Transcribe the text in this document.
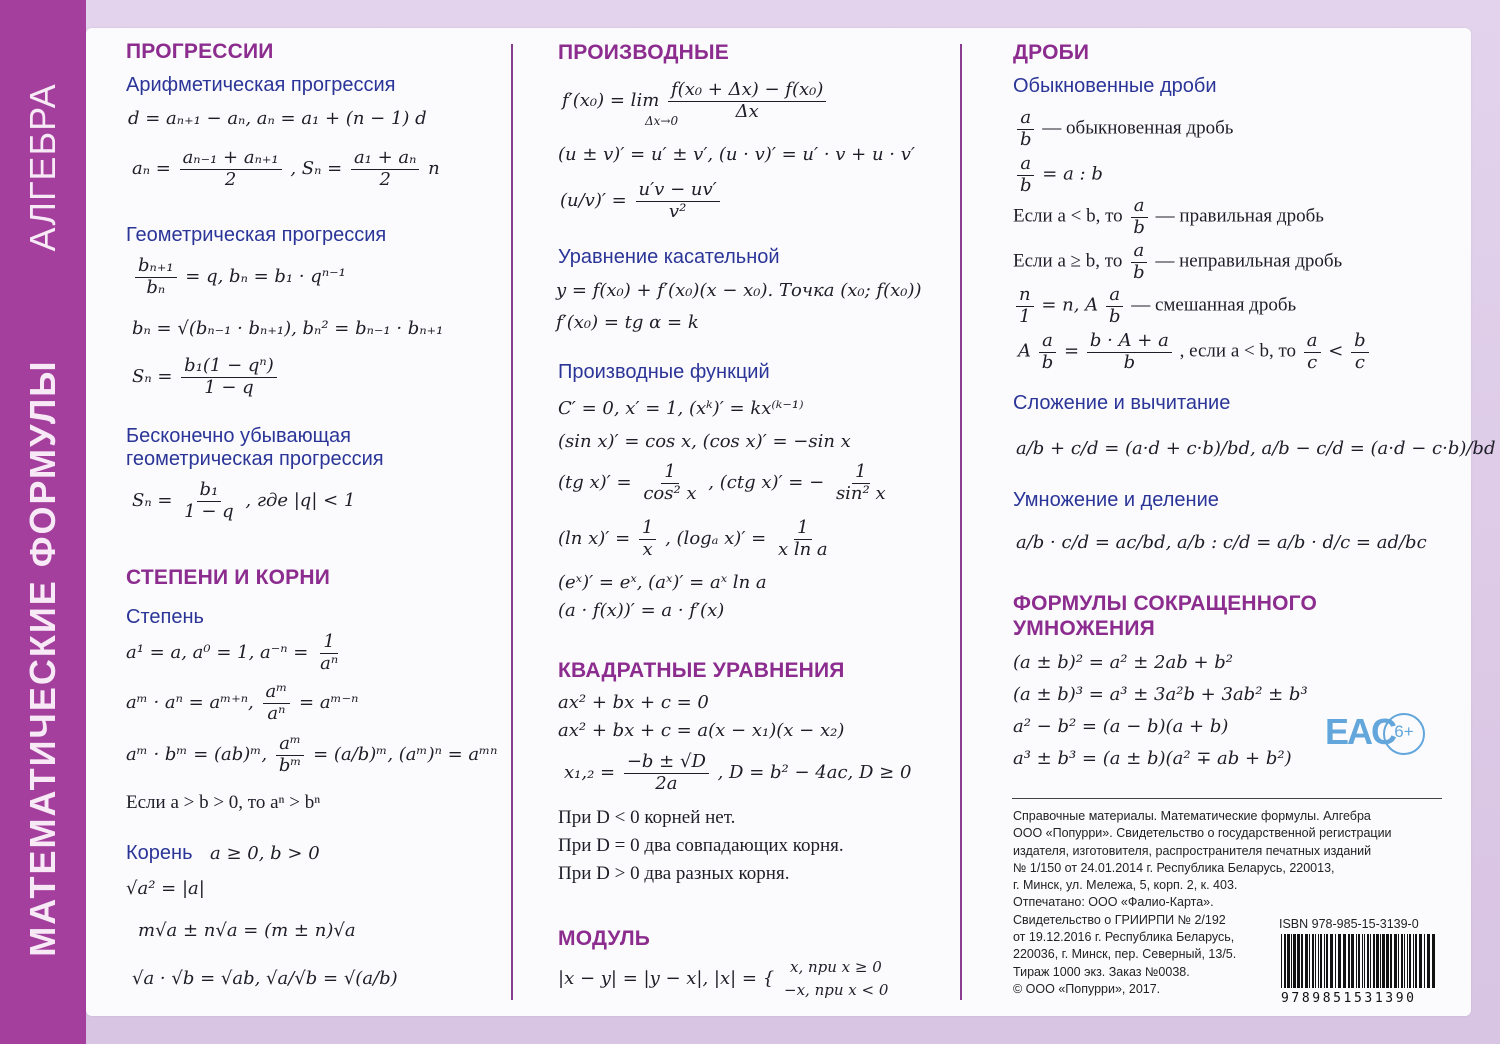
МАТЕМАТИЧЕСКИЕ ФОРМУЛЫ АЛГЕБРА
ПРОГРЕССИИ
Арифметическая прогрессия
d = aₙ₊₁ − aₙ, aₙ = a₁ + (n − 1) d
$a_n = \frac{\text{aₙ₋₁ + aₙ₊₁}}{2}$ , $S_n = \frac{\text{a₁ + aₙ}}{2}$ n
Геометрическая прогрессия
$\frac{\text{bₙ₊₁}}{\text{bₙ}} = q$, bₙ = b₁ · qⁿ⁻¹
bₙ = √(bₙ₋₁ · bₙ₊₁), bₙ² = bₙ₋₁ · bₙ₊₁
$S_n = \frac{\text{b₁(1 − qⁿ)}}{1 - q}$
Бесконечно убывающая
геометрическая прогрессия
$S_n = \frac{\text{b₁}}{1 - q}$ , где |q| < 1
СТЕПЕНИ И КОРНИ
Степень
a¹ = a, a⁰ = 1, $a^{-n} = \frac{1}{\text{aⁿ}}$
aᵐ · aⁿ = aᵐ⁺ⁿ, $\frac{\text{aᵐ}}{\text{aⁿ}}$ = aᵐ⁻ⁿ
aᵐ · bᵐ = (ab)ᵐ, $\frac{\text{aᵐ}}{\text{bᵐ}}$ = (a/b)ᵐ, (aᵐ)ⁿ = aᵐⁿ
Если a > b > 0, то aⁿ > bⁿ
Корень a ≥ 0, b > 0
√a² = |a|
m√a ± n√a = (m ± n)√a
√a · √b = √ab, √a/√b = √(a/b)
ПРОИЗВОДНЫЕ
$f'(x_0) = \lim \frac{\text{f(x₀ + Δx) − f(x₀)}}{\Delta x}$
Δx→0
(u ± v)′ = u′ ± v′, (u · v)′ = u′ · v + u · v′
$(u/v)' = \frac{u'v - uv'}{\text{v²}}$
Уравнение касательной
y = f(x₀) + f′(x₀)(x − x₀). Точка (x₀; f(x₀))
f′(x₀) = tg α = k
Производные функций
C′ = 0, x′ = 1, (xᵏ)′ = kx⁽ᵏ⁻¹⁾
(sin x)′ = cos x, (cos x)′ = −sin x
(tg $x)' = \frac{1}{\text{cos² x}}$ , (ctg x)′ = − $\frac{1}{\text{sin² x}}$
(ln $x)' = \frac{1}{x}$ , (logₐ $x)' = \frac{1}{\text{x ln a}}$
(eˣ)′ = eˣ, (aˣ)′ = aˣ ln a
(a · f(x))′ = a · f′(x)
КВАДРАТНЫЕ УРАВНЕНИЯ
ax² + bx + c = 0
ax² + bx + c = a(x − x₁)(x − x₂)
$x_1,_2 = \frac{-b \pm √D}{2a}$ , D = b² − 4ac, D ≥ 0
При D < 0 корней нет.
При D = 0 два совпадающих корня.
При D > 0 два разных корня.
МОДУЛЬ
|x − y| = |y − x|, |x| = {
x, при x ≥ 0
−x, при x < 0
ДРОБИ
Обыкновенные дроби
$\frac{a}{b}$ — обыкновенная дробь
$\frac{a}{b} = a$ : b
Если a < b, то $\frac{a}{b}$ — правильная дробь
Если a ≥ b, то $\frac{a}{b}$ — неправильная дробь
$\frac{n}{1} = n$, A $\frac{a}{b}$ — смешанная дробь
A $\frac{a}{b} = \frac{b \cdot A + a}{b}$ , если a < b, то $\frac{a}{c} < \frac{b}{c}$
Сложение и вычитание
a/b + c/d = (a·d + c·b)/bd, a/b − c/d = (a·d − c·b)/bd
Умножение и деление
a/b · c/d = ac/bd, a/b : c/d = a/b · d/c = ad/bc
ФОРМУЛЫ СОКРАЩЕННОГО
УМНОЖЕНИЯ
(a ± b)² = a² ± 2ab + b²
(a ± b)³ = a³ ± 3a²b + 3ab² ± b³
a² − b² = (a − b)(a + b)
a³ ± b³ = (a ± b)(a² ∓ ab + b²)
EAC 6+
Справочные материалы. Математические формулы. Алгебра
ООО «Попурри». Свидетельство о государственной регистрации
издателя, изготовителя, распространителя печатных изданий
№ 1/150 от 24.01.2014 г. Республика Беларусь, 220013,
г. Минск, ул. Мележа, 5, корп. 2, к. 403.
Отпечатано: ООО «Фалио-Карта».
Свидетельство о ГРИИРПИ № 2/192
от 19.12.2016 г. Республика Беларусь,
220036, г. Минск, пер. Северный, 13/5.
Тираж 1000 экз. Заказ №0038.
© ООО «Попурри», 2017.
ISBN 978-985-15-3139-0
9789851531390
